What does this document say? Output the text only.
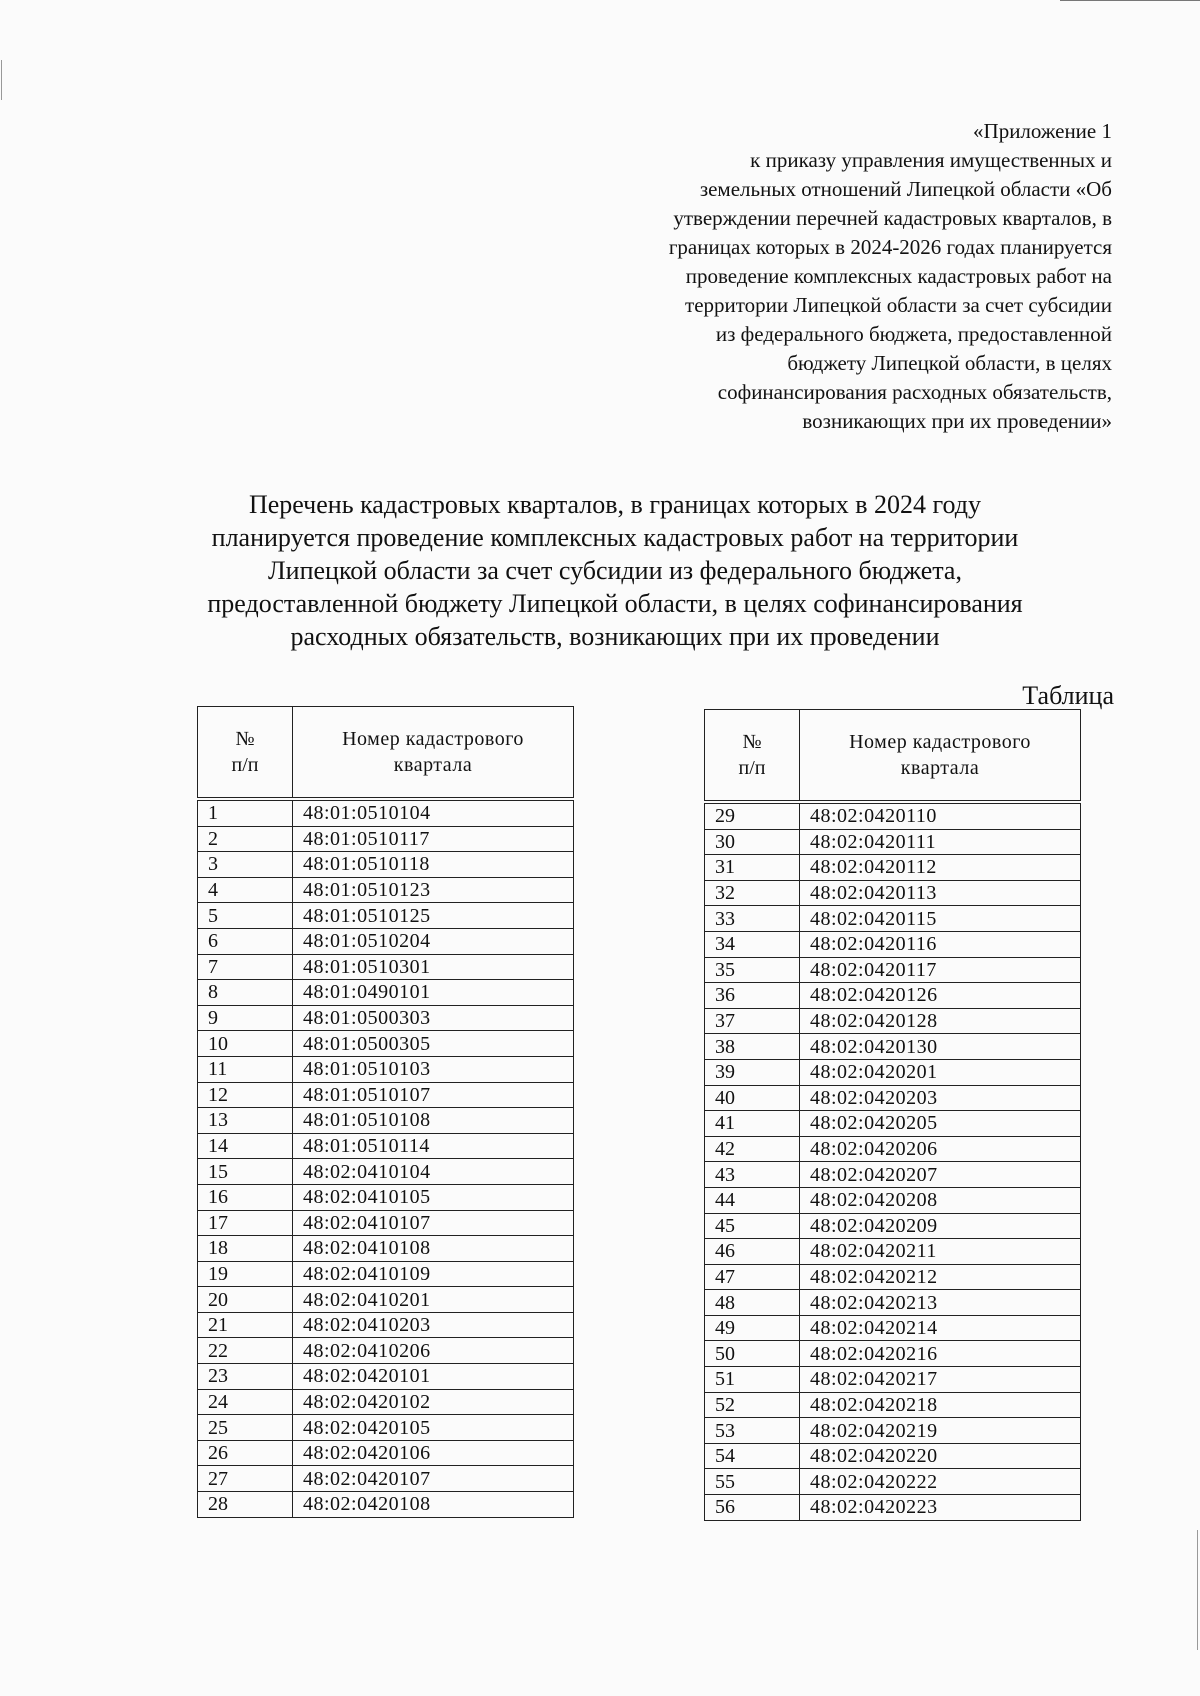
«Приложение 1
к приказу управления имущественных и
земельных отношений Липецкой области «Об
утверждении перечней кадастровых кварталов, в
границах которых в 2024-2026 годах планируется
проведение комплексных кадастровых работ на
территории Липецкой области за счет субсидии
из федерального бюджета, предоставленной
бюджету Липецкой области, в целях
софинансирования расходных обязательств,
возникающих при их проведении»
Перечень кадастровых кварталов, в границах которых в 2024 году
планируется проведение комплексных кадастровых работ на территории
Липецкой области за счет субсидии из федерального бюджета,
предоставленной бюджету Липецкой области, в целях софинансирования
расходных обязательств, возникающих при их проведении
Таблица
№
п/п	Номер кадастрового
квартала

1	48:01:0510104
2	48:01:0510117
3	48:01:0510118
4	48:01:0510123
5	48:01:0510125
6	48:01:0510204
7	48:01:0510301
8	48:01:0490101
9	48:01:0500303
10	48:01:0500305
11	48:01:0510103
12	48:01:0510107
13	48:01:0510108
14	48:01:0510114
15	48:02:0410104
16	48:02:0410105
17	48:02:0410107
18	48:02:0410108
19	48:02:0410109
20	48:02:0410201
21	48:02:0410203
22	48:02:0410206
23	48:02:0420101
24	48:02:0420102
25	48:02:0420105
26	48:02:0420106
27	48:02:0420107
28	48:02:0420108
№
п/п	Номер кадастрового
квартала

29	48:02:0420110
30	48:02:0420111
31	48:02:0420112
32	48:02:0420113
33	48:02:0420115
34	48:02:0420116
35	48:02:0420117
36	48:02:0420126
37	48:02:0420128
38	48:02:0420130
39	48:02:0420201
40	48:02:0420203
41	48:02:0420205
42	48:02:0420206
43	48:02:0420207
44	48:02:0420208
45	48:02:0420209
46	48:02:0420211
47	48:02:0420212
48	48:02:0420213
49	48:02:0420214
50	48:02:0420216
51	48:02:0420217
52	48:02:0420218
53	48:02:0420219
54	48:02:0420220
55	48:02:0420222
56	48:02:0420223
